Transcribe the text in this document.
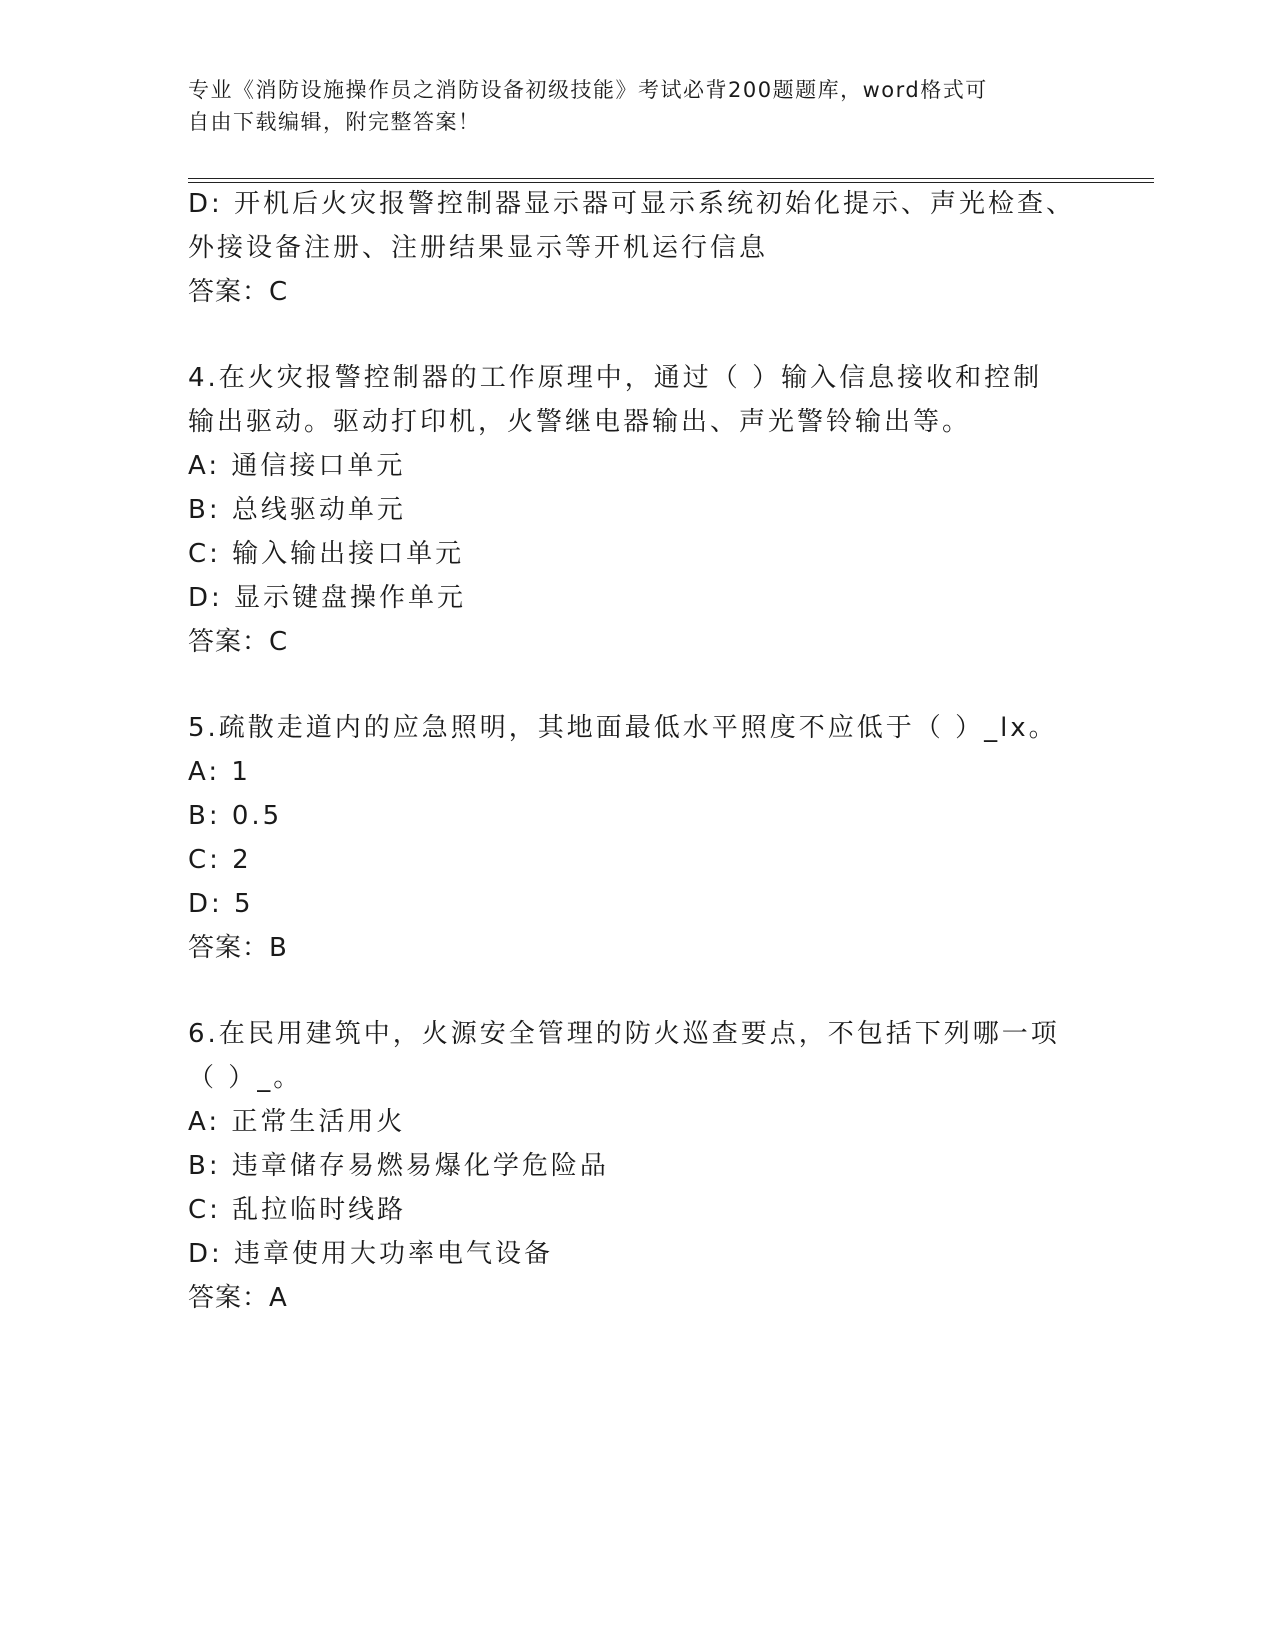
专业《消防设施操作员之消防设备初级技能》考试必背200题题库，word格式可
自由下载编辑，附完整答案！
D: 开机后火灾报警控制器显示器可显示系统初始化提示、声光检查、
外接设备注册、注册结果显示等开机运行信息
答案：C
4.在火灾报警控制器的工作原理中，通过（ ）输入信息接收和控制
输出驱动。驱动打印机，火警继电器输出、声光警铃输出等。
A: 通信接口单元
B: 总线驱动单元
C: 输入输出接口单元
D: 显示键盘操作单元
答案：C
5.疏散走道内的应急照明，其地面最低水平照度不应低于（ ）_lx。
A: 1
B: 0.5
C: 2
D: 5
答案：B
6.在民用建筑中，火源安全管理的防火巡查要点，不包括下列哪一项
（ ）_。
A: 正常生活用火
B: 违章储存易燃易爆化学危险品
C: 乱拉临时线路
D: 违章使用大功率电气设备
答案：A
